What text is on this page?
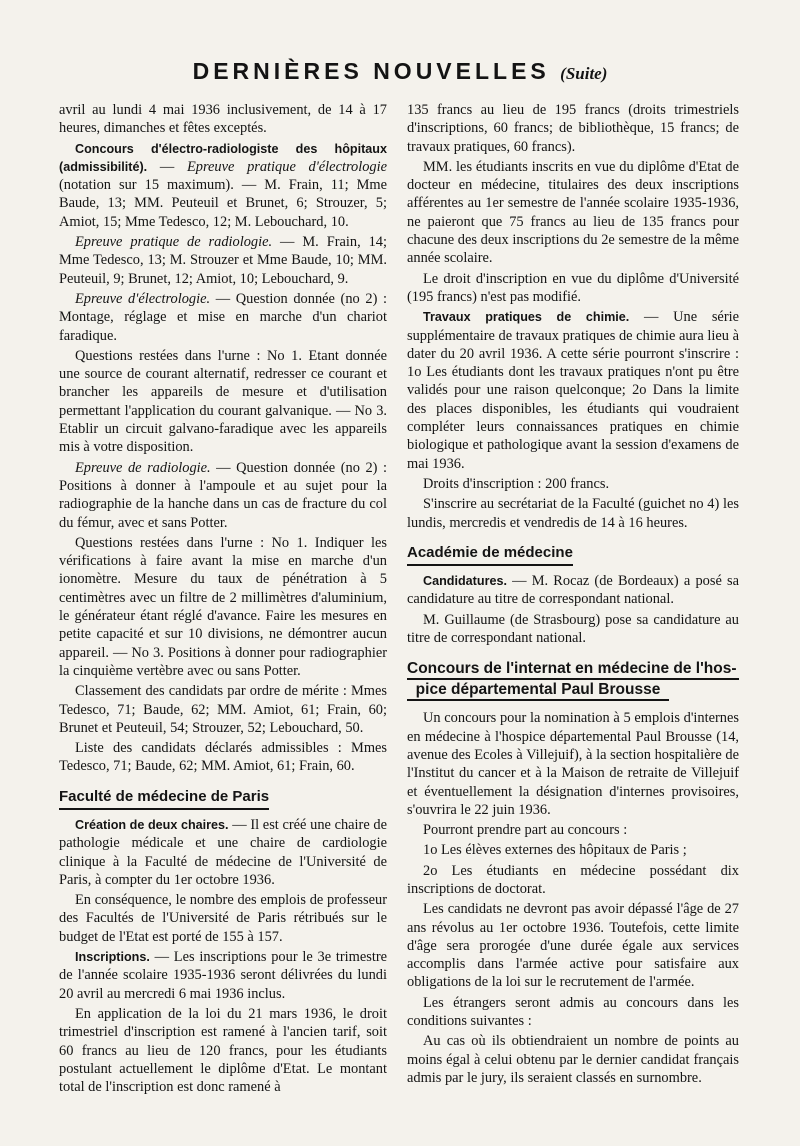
DERNIÈRES NOUVELLES (Suite)

avril au lundi 4 mai 1936 inclusivement, de 14 à 17 heures, dimanches et fêtes exceptés.

Concours d'électro-radiologiste des hôpitaux (admissibilité). — Epreuve pratique d'électrologie (notation sur 15 maximum). — M. Frain, 11; Mme Baude, 13; MM. Peuteuil et Brunet, 6; Strouzer, 5; Amiot, 15; Mme Tedesco, 12; M. Lebouchard, 10.

Epreuve pratique de radiologie. — M. Frain, 14; Mme Tedesco, 13; M. Strouzer et Mme Baude, 10; MM. Peuteuil, 9; Brunet, 12; Amiot, 10; Lebouchard, 9.

Epreuve d'électrologie. — Question donnée (no 2) : Montage, réglage et mise en marche d'un chariot faradique.

Questions restées dans l'urne : No 1. Etant donnée une source de courant alternatif, redresser ce courant et brancher les appareils de mesure et d'utilisation permettant l'application du courant galvanique. — No 3. Etablir un circuit galvano-faradique avec les appareils mis à votre disposition.

Epreuve de radiologie. — Question donnée (no 2) : Positions à donner à l'ampoule et au sujet pour la radiographie de la hanche dans un cas de fracture du col du fémur, avec et sans Potter.

Questions restées dans l'urne : No 1. Indiquer les vérifications à faire avant la mise en marche d'un ionomètre. Mesure du taux de pénétration à 5 centimètres avec un filtre de 2 millimètres d'aluminium, le générateur étant réglé d'avance. Faire les mesures en petite capacité et sur 10 divisions, ne démontrer aucun appareil. — No 3. Positions à donner pour radiographier la cinquième vertèbre avec ou sans Potter.

Classement des candidats par ordre de mérite : Mmes Tedesco, 71; Baude, 62; MM. Amiot, 61; Frain, 60; Brunet et Peuteuil, 54; Strouzer, 52; Lebouchard, 50.

Liste des candidats déclarés admissibles : Mmes Tedesco, 71; Baude, 62; MM. Amiot, 61; Frain, 60.

Faculté de médecine de Paris

Création de deux chaires. — Il est créé une chaire de pathologie médicale et une chaire de cardiologie clinique à la Faculté de médecine de l'Université de Paris, à compter du 1er octobre 1936.

En conséquence, le nombre des emplois de professeur des Facultés de l'Université de Paris rétribués sur le budget de l'Etat est porté de 155 à 157.

Inscriptions. — Les inscriptions pour le 3e trimestre de l'année scolaire 1935-1936 seront délivrées du lundi 20 avril au mercredi 6 mai 1936 inclus.

En application de la loi du 21 mars 1936, le droit trimestriel d'inscription est ramené à l'ancien tarif, soit 60 francs au lieu de 120 francs, pour les étudiants postulant actuellement le diplôme d'Etat. Le montant total de l'inscription est donc ramené à

135 francs au lieu de 195 francs (droits trimestriels d'inscriptions, 60 francs; de bibliothèque, 15 francs; de travaux pratiques, 60 francs).

MM. les étudiants inscrits en vue du diplôme d'Etat de docteur en médecine, titulaires des deux inscriptions afférentes au 1er semestre de l'année scolaire 1935-1936, ne paieront que 75 francs au lieu de 135 francs pour chacune des deux inscriptions du 2e semestre de la même année scolaire.

Le droit d'inscription en vue du diplôme d'Université (195 francs) n'est pas modifié.

Travaux pratiques de chimie. — Une série supplémentaire de travaux pratiques de chimie aura lieu à dater du 20 avril 1936. A cette série pourront s'inscrire : 1o Les étudiants dont les travaux pratiques n'ont pu être validés pour une raison quelconque; 2o Dans la limite des places disponibles, les étudiants qui voudraient compléter leurs connaissances pratiques en chimie biologique et pathologique avant la session d'examens de mai 1936.

Droits d'inscription : 200 francs.

S'inscrire au secrétariat de la Faculté (guichet no 4) les lundis, mercredis et vendredis de 14 à 16 heures.

Académie de médecine

Candidatures. — M. Rocaz (de Bordeaux) a posé sa candidature au titre de correspondant national.

M. Guillaume (de Strasbourg) pose sa candidature au titre de correspondant national.

Concours de l'internat en médecine de l'hos-
pice départemental Paul Brousse

Un concours pour la nomination à 5 emplois d'internes en médecine à l'hospice départemental Paul Brousse (14, avenue des Ecoles à Villejuif), à la section hospitalière de l'Institut du cancer et à la Maison de retraite de Villejuif et éventuellement la désignation d'internes provisoires, s'ouvrira le 22 juin 1936.

Pourront prendre part au concours :

1o Les élèves externes des hôpitaux de Paris ;

2o Les étudiants en médecine possédant dix inscriptions de doctorat.

Les candidats ne devront pas avoir dépassé l'âge de 27 ans révolus au 1er octobre 1936. Toutefois, cette limite d'âge sera prorogée d'une durée égale aux services accomplis dans l'armée active pour satisfaire aux obligations de la loi sur le recrutement de l'armée.

Les étrangers seront admis au concours dans les conditions suivantes :

Au cas où ils obtiendraient un nombre de points au moins égal à celui obtenu par le dernier candidat français admis par le jury, ils seraient classés en surnombre.
